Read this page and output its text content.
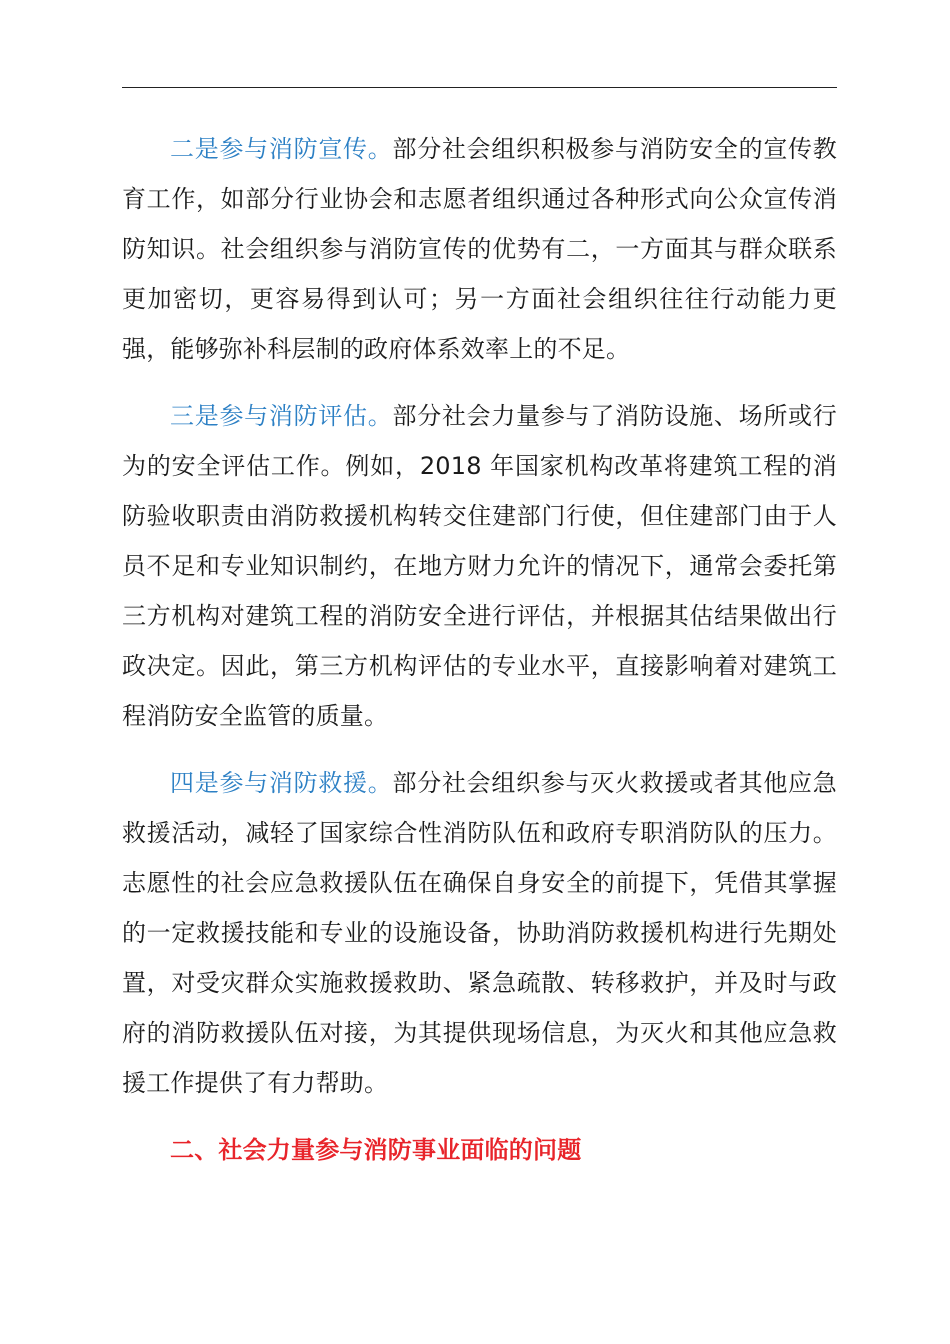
二是参与消防宣传。部分社会组织积极参与消防安全的宣传教育工作，如部分行业协会和志愿者组织通过各种形式向公众宣传消防知识。社会组织参与消防宣传的优势有二，一方面其与群众联系更加密切，更容易得到认可；另一方面社会组织往往行动能力更强，能够弥补科层制的政府体系效率上的不足。

三是参与消防评估。部分社会力量参与了消防设施、场所或行为的安全评估工作。例如，2018 年国家机构改革将建筑工程的消防验收职责由消防救援机构转交住建部门行使，但住建部门由于人员不足和专业知识制约，在地方财力允许的情况下，通常会委托第三方机构对建筑工程的消防安全进行评估，并根据其估结果做出行政决定。因此，第三方机构评估的专业水平，直接影响着对建筑工程消防安全监管的质量。

四是参与消防救援。部分社会组织参与灭火救援或者其他应急救援活动，减轻了国家综合性消防队伍和政府专职消防队的压力。志愿性的社会应急救援队伍在确保自身安全的前提下，凭借其掌握的一定救援技能和专业的设施设备，协助消防救援机构进行先期处置，对受灾群众实施救援救助、紧急疏散、转移救护，并及时与政府的消防救援队伍对接，为其提供现场信息，为灭火和其他应急救援工作提供了有力帮助。

二、社会力量参与消防事业面临的问题
